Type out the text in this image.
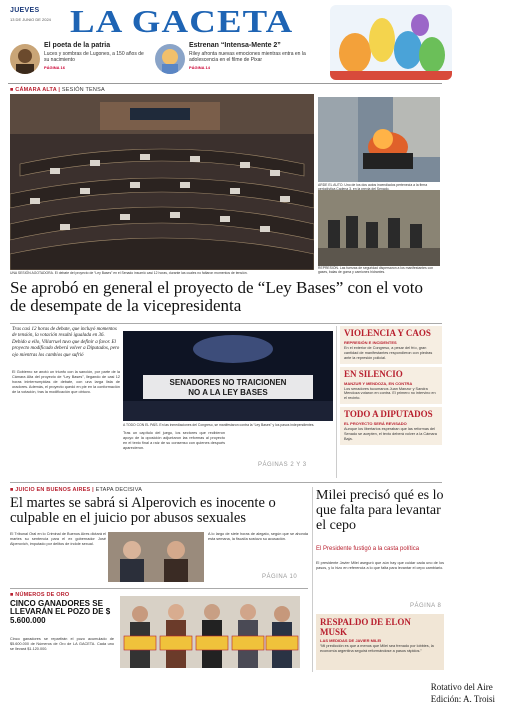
JUEVES
13 DE JUNIO DE 2024 LA GACETA
El poeta de la patria
Luces y sombras de Lugones, a 150 años de su nacimiento
PÁGINA 16
Estrenan “Intensa-Mente 2”
Riley afronta nuevas emociones mientras entra en la adolescencia en el filme de Pixar
PÁGINA 14
■ CÁMARA ALTA | SESIÓN TENSA
UNA SESIÓN AGOTADORA. El debate del proyecto de “Ley Bases” en el Senado insumió casi 12 horas, durante las cuales no faltaron momentos de tensión.
ARDE EL AUTO. Uno de los dos autos incendiados pertenecía a la firma
REPRESIÓN. Las fuerzas de seguridad dispersaron a los manifestantes con gases, balas de goma y camiones hidrantes.
Se aprobó en general el proyecto de “Ley Bases” con el voto de desempate de la vicepresidenta
Tras casi 12 horas de debate, que incluyó momentos de tensión, la votación resultó igualada en 36. Debido a ello, Villarruel tuvo que definir a favor. El proyecto modificado deberá volver a Diputados, pero ojo mientras los cambios que sufrió
El Gobierno se anotó un triunfo con la sanción, por parte de la Cámara Alta del proyecto de “Ley Bases”, llegando de casi 12 horas ininterrumpidas de debate, con una larga lista de oradores. Además, el proyecto quedó en pie en la conformación de la votación, tras la modificación que obtuvo.
SENADORES NO TRAICIONEN
NO A LA LEY BASES
A TODO CON EL PAÍS. En las inmediaciones del Congreso, se manifestaron contra la “Ley Bases” y los pasos independientes.
Tras un capítulo del juego, los sectores que recibieron apoyo de la oposición adjuntaron las reformas al proyecto en el texto final a raíz de su consenso con quienes después aparecieron.
PÁGINAS 2 Y 3
VIOLENCIA Y CAOS
REPRESIÓN E INCIDENTES
En el exterior de Congreso, a pesar del frío, gran cantidad de manifestantes respondieron con piedras ante la represión policial.
EN SILENCIO
MANZUR Y MENDOZA, EN CONTRA
Los senadores tucumanos Juan Manzur y Sandra Mendoza votaron en contra. El primero no intervino en el recinto.
TODO A DIPUTADOS
EL PROYECTO SERÁ REVISADO
Aunque los libertarios esperaban que las reformas del Senado se acepten, el texto deberá volver a la Cámara Baja.
■ JUICIO EN BUENOS AIRES | ETAPA DECISIVA
El martes se sabrá si Alperovich es inocente o culpable en el juicio por abusos sexuales
El Tribunal Oral en lo Criminal de Buenos Aires dictará el martes su sentencia para el ex gobernador José Alperovich, imputado por delitos de índole sexual.
A lo largo de siete horas de alegato, según que se ahonda esta semana, la fiscalía sostuvo su acusación.
PÁGINA 10
Milei precisó qué es lo que falta para levantar el cepo
El Presidente fustigó a la casta política
El presidente Javier Milei aseguró que aún hay que cuidar cada uno de los pasos, y lo hizo en referencia a lo que falta para levantar el cepo cambiario.
PÁGINA 8
RESPALDO DE ELON MUSK
LAS MEDIDAS DE JAVIER MILEI
“Mi predicción es que a menos que Milei sea frenado por lobbies, la economía argentina seguirá reformándose a pasos rápidos.”
■ NÚMEROS DE ORO
CINCO GANADORES SE LLEVARÁN EL POZO DE $ 5.600.000
Cinco ganadores se repartirán el pozo acumulado de $5.600.000 de Números de Oro de LA GACETA. Cada uno se llevará $1.120.000.
Rotativo del Aire
Edición: A. Troisi
